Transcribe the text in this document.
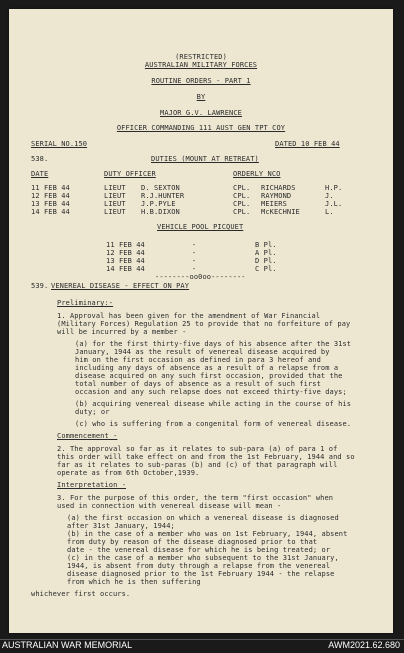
(RESTRICTED)
AUSTRALIAN MILITARY FORCES
ROUTINE ORDERS - PART 1
BY
MAJOR G.V. LAWRENCE
OFFICER COMMANDING 111 AUST GEN TPT COY
SERIAL NO.150	DATED 10 FEB 44
538.	DUTIES (MOUNT AT RETREAT)
DATE	DUTY OFFICER	ORDERLY NCO
11 FEB 44	LIEUT D. SEXTON	CPL. RICHARDS	H.P.
12 FEB 44	LIEUT R.J.HUNTER	CPL. RAYMOND	J.
13 FEB 44	LIEUT J.P.PYLE	CPL. MEIERS	J.L.
14 FEB 44	LIEUT H.B.DIXON	CPL. McKECHNIE	L.
VEHICLE POOL PICQUET
11 FEB 44	-	B Pl.
12 FEB 44	-	A Pl.
13 FEB 44	-	D Pl.
14 FEB 44	-	C Pl.
--------oo0oo--------
539. VENEREAL DISEASE - EFFECT ON PAY
Preliminary:-
1. Approval has been given for the amendment of War Financial
(Military Forces) Regulation 25 to provide that no forfeiture of pay
will be incurred by a member -
(a) for the first thirty-five days of his absence after the 31st
January, 1944 as the result of venereal disease acquired by
him on the first occasion as defined in para 3 hereof and
including any days of absence as a result of a relapse from a
disease acquired on any such first occasion, provided that the
total number of days of absence as a result of such first
occasion and any such relapse does not exceed thirty-five days;
(b) acquiring venereal disease while acting in the course of his
duty; or
(c) who is suffering from a congenital form of venereal disease.
Commencement -
2. The approval so far as it relates to sub-para (a) of para 1 of
this order will take effect on and from the 1st February, 1944 and so
far as it relates to sub-paras (b) and (c) of that paragraph will
operate as from 6th October,1939.
Interpretation -
3. For the purpose of this order, the term "first occasion" when
used in connection with venereal disease will mean -
(a) the first occasion on which a venereal disease is diagnosed
after 31st January, 1944;
(b) in the case of a member who was on 1st February, 1944, absent
from duty by reason of the disease diagnosed prior to that
date - the venereal disease for which he is being treated; or
(c) in the case of a member who subsequent to the 31st January,
1944, is absent from duty through a relapse from the venereal
disease diagnosed prior to the 1st February 1944 - the relapse
from which he is then suffering
whichever first occurs.
AUSTRALIAN WAR MEMORIAL	AWM2021.62.680
